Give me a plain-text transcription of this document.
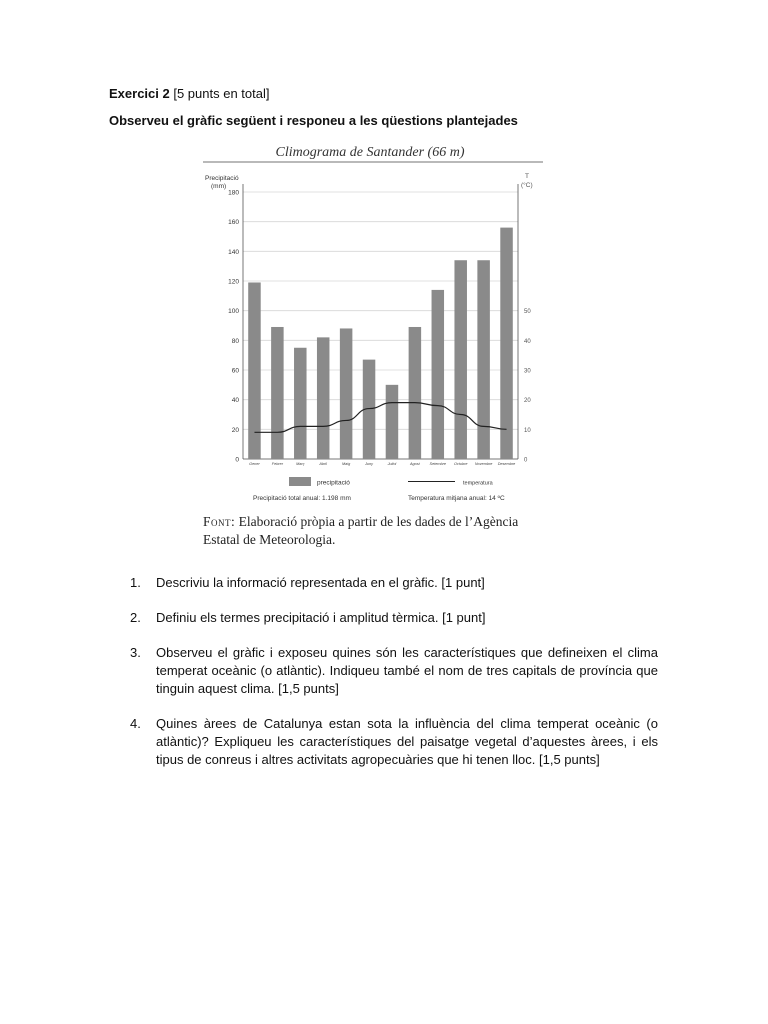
Exercici 2 [5 punts en total]
Observeu el gràfic següent i responeu a les qüestions plantejades
Climograma de Santander (66 m)
Precipitació
(mm)
T
(°C)
0
20
40
60
80
100
120
140
160
180
0
10
20
30
40
50
Gener	Febrer	Març	Abril	Maig	Juny	Juliol	Agost	Setembre Octubre Novembre Desembre
precipitació	temperatura
Precipitació total anual: 1.198 mm	Temperatura mitjana anual: 14 ºC
Font: Elaboració pròpia a partir de les dades de l’Agència Estatal de Meteorologia.
1. Descriviu la informació representada en el gràfic. [1 punt]
2. Definiu els termes precipitació i amplitud tèrmica. [1 punt]
3. Observeu el gràfic i exposeu quines són les característiques que defineixen el clima temperat oceànic (o atlàntic). Indiqueu també el nom de tres capitals de província que tinguin aquest clima. [1,5 punts]
4. Quines àrees de Catalunya estan sota la influència del clima temperat oceànic (o atlàntic)? Expliqueu les característiques del paisatge vegetal d’aquestes àrees, i els tipus de conreus i altres activitats agropecuàries que hi tenen lloc. [1,5 punts]
